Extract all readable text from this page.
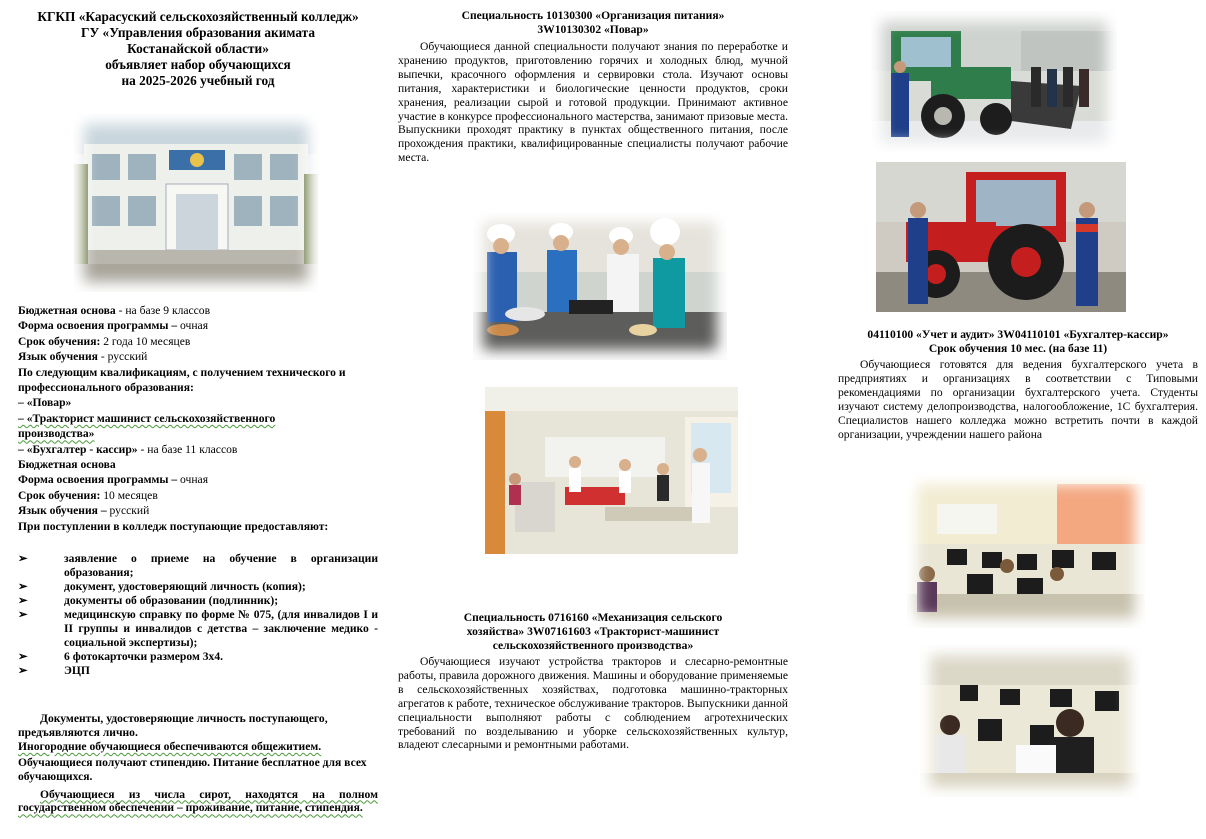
КГКП «Карасуский сельскохозяйственный колледж»
ГУ «Управления образования акимата
Костанайской области»
объявляет набор обучающихся
на 2025-2026 учебный год
Бюджетная основа - на базе 9 классов
Форма освоения программы – очная
Срок обучения: 2 года 10 месяцев
Язык обучения - русский
По следующим квалификациям, с получением технического и профессионального образования:
– «Повар»
– «Тракторист машинист сельскохозяйственного производства»
– «Бухгалтер - кассир» - на базе 11 классов
Бюджетная основа
Форма освоения программы – очная
Срок обучения: 10 месяцев
Язык обучения – русский
При поступлении в колледж поступающие предоставляют:
➢	заявление о приеме на обучение в организации образования;
➢	документ, удостоверяющий личность (копия);
➢	документы об образовании (подлинник);
➢	медицинскую справку по форме № 075, (для инвалидов I и II группы и инвалидов с детства – заключение медико - социальной экспертизы);
➢	6 фотокарточки размером 3х4.
➢	ЭЦП
Документы, удостоверяющие личность поступающего, предъявляются лично.
Иногородние обучающиеся обеспечиваются общежитием.
Обучающиеся получают стипендию. Питание бесплатное для всех обучающихся.
Обучающиеся из числа сирот, находятся на полном государственном обеспечении – проживание, питание, стипендия.
Специальность 10130300 «Организация питания»
3W10130302 «Повар»
Обучающиеся данной специальности получают знания по переработке и хранению продуктов, приготовлению горячих и холодных блюд, мучной выпечки, красочного оформления и сервировки стола. Изучают основы питания, характеристики и биологические ценности продуктов, сроки хранения, реализации сырой и готовой продукции. Принимают активное участие в конкурсе профессионального мастерства, занимают призовые места. Выпускники проходят практику в пунктах общественного питания, после прохождения практики, квалифицированные специалисты получают рабочие места.
Специальность 0716160 «Механизация сельского
хозяйства» 3W07161603 «Тракторист-машинист
сельскохозяйственного производства»
Обучающиеся изучают устройства тракторов и слесарно-ремонтные работы, правила дорожного движения. Машины и оборудование применяемые в сельскохозяйственных хозяйствах, подготовка машинно-тракторных агрегатов к работе, техническое обслуживание тракторов. Выпускники данной специальности выполняют работы с соблюдением агротехнических требований по возделыванию и уборке сельскохозяйственных культур, владеют слесарными и ремонтными работами.
04110100 «Учет и аудит» 3W04110101 «Бухгалтер-кассир»
Срок обучения 10 мес. (на базе 11)
Обучающиеся готовятся для ведения бухгалтерского учета в предприятиях и организациях в соответствии с Типовыми рекомендациями по организации бухгалтерского учета. Студенты изучают систему делопроизводства, налогообложение, 1С бухгалтерия. Специалистов нашего колледжа можно встретить почти в каждой организации, учреждении нашего района
